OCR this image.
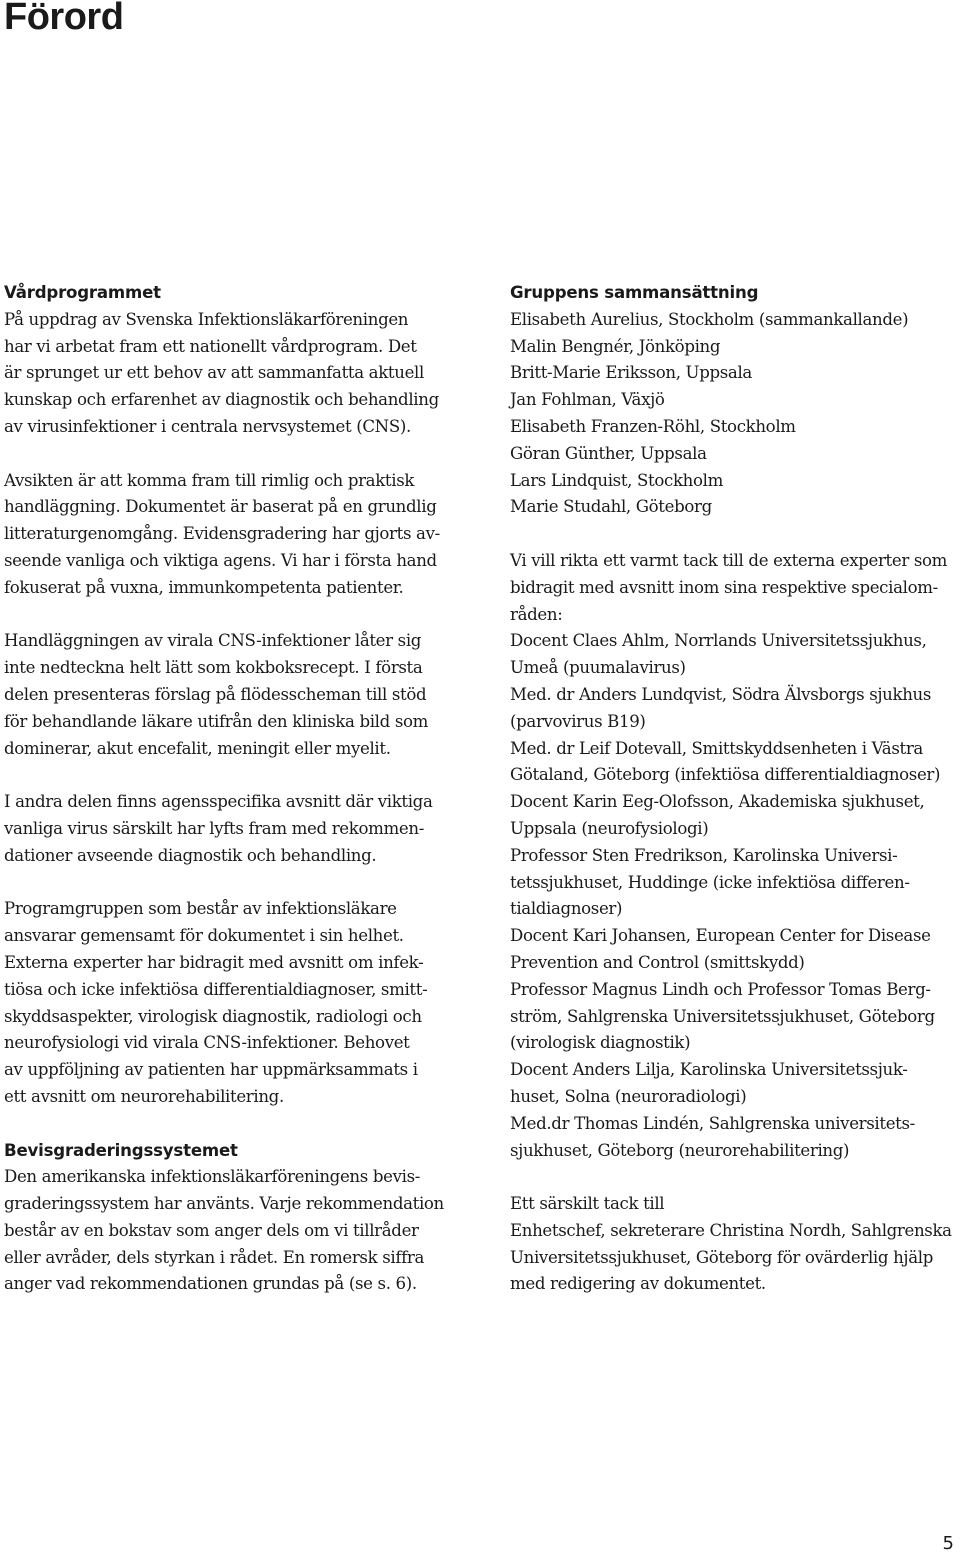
Förord
Vårdprogrammet
På uppdrag av Svenska Infektionsläkarföreningen
har vi arbetat fram ett nationellt vårdprogram. Det
är sprunget ur ett behov av att sammanfatta aktuell
kunskap och erfarenhet av diagnostik och behandling
av virusinfektioner i centrala nervsystemet (CNS).
Avsikten är att komma fram till rimlig och praktisk
handläggning. Dokumentet är baserat på en grundlig
litteraturgenomgång. Evidensgradering har gjorts av-
seende vanliga och viktiga agens. Vi har i första hand
fokuserat på vuxna, immunkompetenta patienter.
Handläggningen av virala CNS-infektioner låter sig
inte nedteckna helt lätt som kokboksrecept. I första
delen presenteras förslag på flödesscheman till stöd
för behandlande läkare utifrån den kliniska bild som
dominerar, akut encefalit, meningit eller myelit.
I andra delen finns agensspecifika avsnitt där viktiga
vanliga virus särskilt har lyfts fram med rekommen-
dationer avseende diagnostik och behandling.
Programgruppen som består av infektionsläkare
ansvarar gemensamt för dokumentet i sin helhet.
Externa experter har bidragit med avsnitt om infek-
tiösa och icke infektiösa differentialdiagnoser, smitt-
skyddsaspekter, virologisk diagnostik, radiologi och
neurofysiologi vid virala CNS-infektioner. Behovet
av uppföljning av patienten har uppmärksammats i
ett avsnitt om neurorehabilitering.
Bevisgraderingssystemet
Den amerikanska infektionsläkarföreningens bevis-
graderingssystem har använts. Varje rekommendation
består av en bokstav som anger dels om vi tillråder
eller avråder, dels styrkan i rådet. En romersk siffra
anger vad rekommendationen grundas på (se s. 6).
Gruppens sammansättning
Elisabeth Aurelius, Stockholm (sammankallande)
Malin Bengnér, Jönköping
Britt-Marie Eriksson, Uppsala
Jan Fohlman, Växjö
Elisabeth Franzen-Röhl, Stockholm
Göran Günther, Uppsala
Lars Lindquist, Stockholm
Marie Studahl, Göteborg
Vi vill rikta ett varmt tack till de externa experter som
bidragit med avsnitt inom sina respektive specialom-
råden:
Docent Claes Ahlm, Norrlands Universitetssjukhus,
Umeå (puumalavirus)
Med. dr Anders Lundqvist, Södra Älvsborgs sjukhus
(parvovirus B19)
Med. dr Leif Dotevall, Smittskyddsenheten i Västra
Götaland, Göteborg (infektiösa differentialdiagnoser)
Docent Karin Eeg-Olofsson, Akademiska sjukhuset,
Uppsala (neurofysiologi)
Professor Sten Fredrikson, Karolinska Universi-
tetssjukhuset, Huddinge (icke infektiösa differen-
tialdiagnoser)
Docent Kari Johansen, European Center for Disease
Prevention and Control (smittskydd)
Professor Magnus Lindh och Professor Tomas Berg-
ström, Sahlgrenska Universitetssjukhuset, Göteborg
(virologisk diagnostik)
Docent Anders Lilja, Karolinska Universitetssjuk-
huset, Solna (neuroradiologi)
Med.dr Thomas Lindén, Sahlgrenska universitets-
sjukhuset, Göteborg (neurorehabilitering)
Ett särskilt tack till
Enhetschef, sekreterare Christina Nordh, Sahlgrenska
Universitetssjukhuset, Göteborg för ovärderlig hjälp
med redigering av dokumentet.
5
